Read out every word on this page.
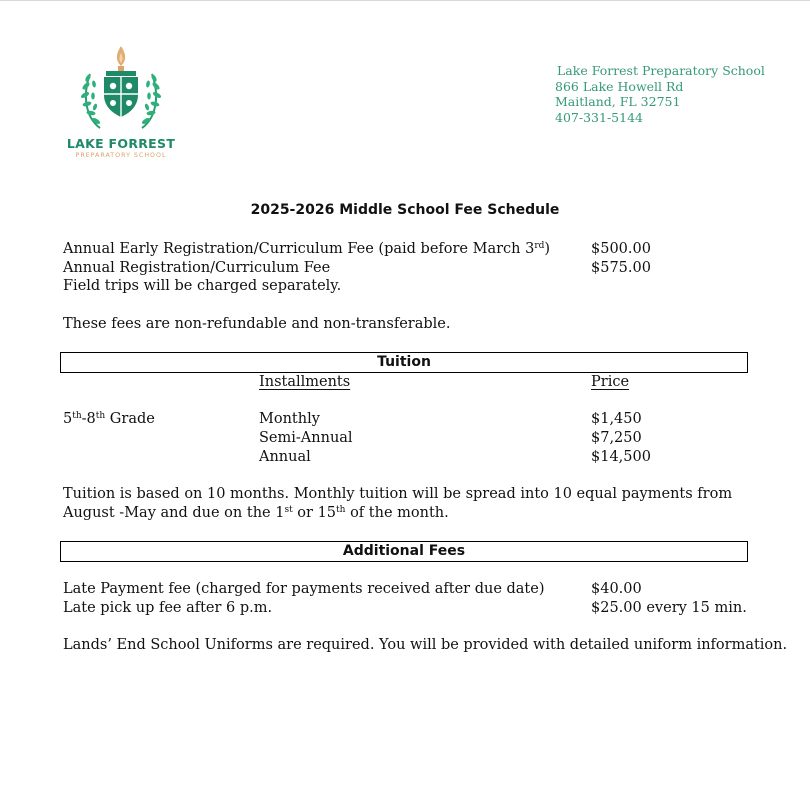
LAKE FORREST
PREPARATORY SCHOOL
Lake Forrest Preparatory School
866 Lake Howell Rd
Maitland, FL 32751
407-331-5144
2025-2026 Middle School Fee Schedule
Annual Early Registration/Curriculum Fee (paid before March 3rd)	$500.00
Annual Registration/Curriculum Fee	$575.00
Field trips will be charged separately.
These fees are non-refundable and non-transferable.
Tuition
Installments	Price
5th-8th Grade	Monthly	$1,450
Semi-Annual	$7,250
Annual	$14,500
Tuition is based on 10 months. Monthly tuition will be spread into 10 equal payments from
August -May and due on the 1st or 15th of the month.
Additional Fees
Late Payment fee (charged for payments received after due date)	$40.00
Late pick up fee after 6 p.m.	$25.00 every 15 min.
Lands’ End School Uniforms are required. You will be provided with detailed uniform information.
